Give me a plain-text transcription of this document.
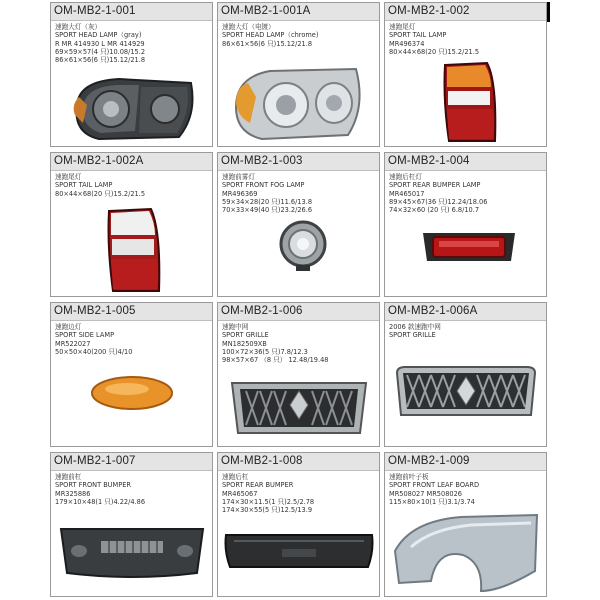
OM-MB2-1-001
速跑大灯（灰）
SPORT HEAD LAMP（gray)
R MR 414930 L MR 414929
69×59×57(4 只)10.08/15.2
86×61×56(6 只)15.12/21.8
OM-MB2-1-001A
速跑大灯（电镀）
SPORT HEAD LAMP（chrome)
86×61×56(6 只)15.12/21.8
OM-MB2-1-002
速跑尾灯
SPORT TAIL LAMP
MR496374
80×44×68(20 只)15.2/21.5
OM-MB2-1-002A
速跑尾灯
SPORT TAIL LAMP
80×44×68(20 只)15.2/21.5
OM-MB2-1-003
速跑前雾灯
SPORT FRONT FOG LAMP
MR496369
59×34×28(20 只)11.6/13.8
70×33×49(40 只)23.2/26.6
OM-MB2-1-004
速跑后杠灯
SPORT REAR BUMPER LAMP
MR465017
89×45×67(36 只)12.24/18.06
74×32×60 (20 只) 6.8/10.7
OM-MB2-1-005
速跑边灯
SPORT SIDE LAMP
MR522027
50×50×40(200 只)4/10
OM-MB2-1-006
速跑中网
SPORT GRILLE
MN182509XB
100×72×36(5 只)7.8/12.3
98×57×67 （8 只） 12.48/19.48
OM-MB2-1-006A
2006 款速跑中网
SPORT GRILLE
OM-MB2-1-007
速跑前杠
SPORT FRONT BUMPER
MR325886
179×10×48(1 只)4.22/4.86
OM-MB2-1-008
速跑后杠
SPORT REAR BUMPER
MR465067
174×30×11.5(1 只)2.5/2.78
174×30×55(5 只)12.5/13.9
OM-MB2-1-009
速跑前叶子板
SPORT FRONT LEAF BOARD
MR508027 MR508026
115×80×10(1 只)3.1/3.74
